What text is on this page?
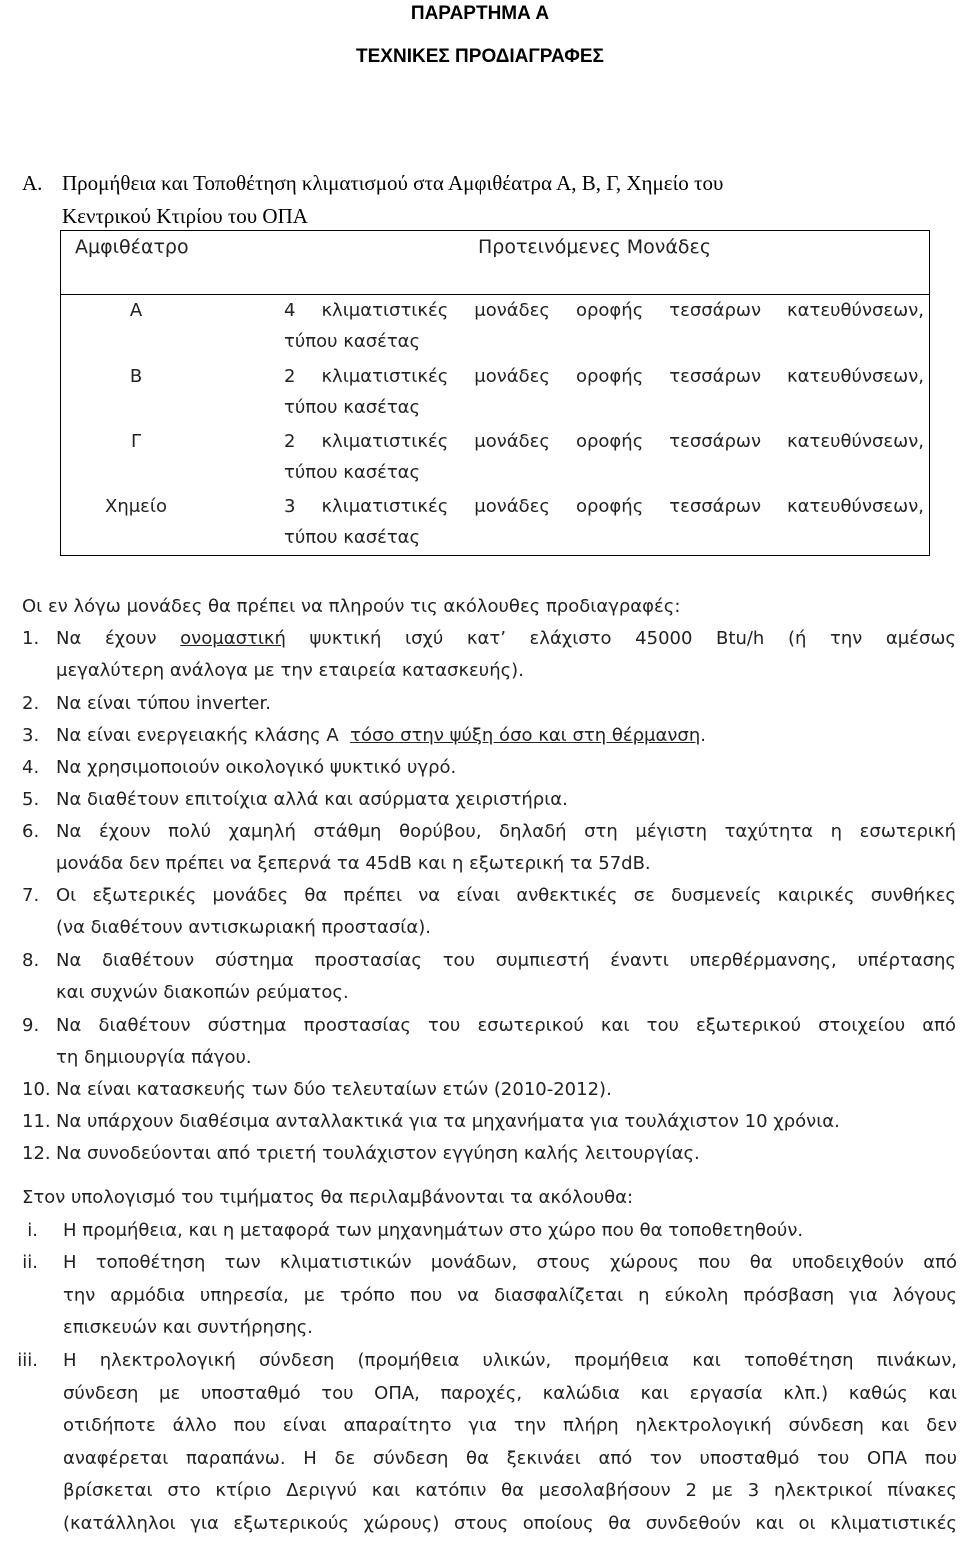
ΠΑΡΑΡΤΗΜΑ Α
ΤΕΧΝΙΚΕΣ ΠΡΟΔΙΑΓΡΑΦΕΣ
Α. Προμήθεια και Τοποθέτηση κλιματισμού στα Αμφιθέατρα Α, Β, Γ, Χημείο του
Κεντρικού Κτιρίου του ΟΠΑ
Αμφιθέατρο	Προτεινόμενες Μονάδες
Α	4 κλιματιστικές μονάδες οροφής τεσσάρων κατευθύνσεων,
τύπου κασέτας
Β	2 κλιματιστικές μονάδες οροφής τεσσάρων κατευθύνσεων,
τύπου κασέτας
Γ	2 κλιματιστικές μονάδες οροφής τεσσάρων κατευθύνσεων,
τύπου κασέτας
Χημείο	3 κλιματιστικές μονάδες οροφής τεσσάρων κατευθύνσεων,
τύπου κασέτας
Οι εν λόγω μονάδες θα πρέπει να πληρούν τις ακόλουθες προδιαγραφές:
1. Να έχουν ονομαστική ψυκτική ισχύ κατ’ ελάχιστο 45000 Btu/h (ή την αμέσως
μεγαλύτερη ανάλογα με την εταιρεία κατασκευής).
2. Να είναι τύπου inverter.
3. Να είναι ενεργειακής κλάσης Α  τόσο στην ψύξη όσο και στη θέρμανση.
4. Να χρησιμοποιούν οικολογικό ψυκτικό υγρό.
5. Να διαθέτουν επιτοίχια αλλά και ασύρματα χειριστήρια.
6. Να έχουν πολύ χαμηλή στάθμη θορύβου, δηλαδή στη μέγιστη ταχύτητα η εσωτερική
μονάδα δεν πρέπει να ξεπερνά τα 45dB και η εξωτερική τα 57dB.
7. Οι εξωτερικές μονάδες θα πρέπει να είναι ανθεκτικές σε δυσμενείς καιρικές συνθήκες
(να διαθέτουν αντισκωριακή προστασία).
8. Να διαθέτουν σύστημα προστασίας του συμπιεστή έναντι υπερθέρμανσης, υπέρτασης
και συχνών διακοπών ρεύματος.
9. Να διαθέτουν σύστημα προστασίας του εσωτερικού και του εξωτερικού στοιχείου από
τη δημιουργία πάγου.
10. Να είναι κατασκευής των δύο τελευταίων ετών (2010-2012).
11. Να υπάρχουν διαθέσιμα ανταλλακτικά για τα μηχανήματα για τουλάχιστον 10 χρόνια.
12. Να συνοδεύονται από τριετή τουλάχιστον εγγύηση καλής λειτουργίας.
Στον υπολογισμό του τιμήματος θα περιλαμβάνονται τα ακόλουθα:
i. Η προμήθεια, και η μεταφορά των μηχανημάτων στο χώρο που θα τοποθετηθούν.
ii. Η τοποθέτηση των κλιματιστικών μονάδων, στους χώρους που θα υποδειχθούν από
την αρμόδια υπηρεσία, με τρόπο που να διασφαλίζεται η εύκολη πρόσβαση για λόγους
επισκευών και συντήρησης.
iii. Η ηλεκτρολογική σύνδεση (προμήθεια υλικών, προμήθεια και τοποθέτηση πινάκων,
σύνδεση με υποσταθμό του ΟΠΑ, παροχές, καλώδια και εργασία κλπ.) καθώς και
οτιδήποτε άλλο που είναι απαραίτητο για την πλήρη ηλεκτρολογική σύνδεση και δεν
αναφέρεται παραπάνω. Η δε σύνδεση θα ξεκινάει από τον υποσταθμό του ΟΠΑ που
βρίσκεται στο κτίριο Δεριγνύ και κατόπιν θα μεσολαβήσουν 2 με 3 ηλεκτρικοί πίνακες
(κατάλληλοι για εξωτερικούς χώρους) στους οποίους θα συνδεθούν και οι κλιματιστικές
